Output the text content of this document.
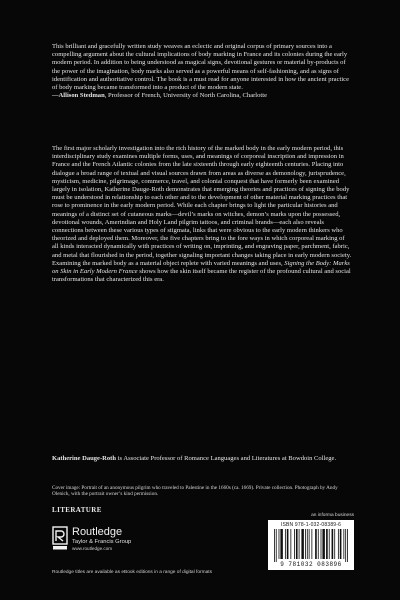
This brilliant and gracefully written study weaves an eclectic and original corpus of primary sources into a compelling argument about the cultural implications of body marking in France and its colonies during the early modern period. In addition to being understood as magical signs, devotional gestures or material by-products of the power of the imagination, body marks also served as a powerful means of self-fashioning, and as signs of identification and authoritative control. The book is a must read for anyone interested in how the ancient practice of body marking became transformed into a product of the modern state.

—Allison Stedman, Professor of French, University of North Carolina, Charlotte

The first major scholarly investigation into the rich history of the marked body in the early modern period, this interdisciplinary study examines multiple forms, uses, and meanings of corporeal inscription and impression in France and the French Atlantic colonies from the late sixteenth through early eighteenth centuries. Placing into dialogue a broad range of textual and visual sources drawn from areas as diverse as demonology, jurisprudence, mysticism, medicine, pilgrimage, commerce, travel, and colonial conquest that have formerly been examined largely in isolation, Katherine Dauge-Roth demonstrates that emerging theories and practices of signing the body must be understood in relationship to each other and to the development of other material marking practices that rose to prominence in the early modern period. While each chapter brings to light the particular histories and meanings of a distinct set of cutaneous marks—devil’s marks on witches, demon’s marks upon the possessed, devotional wounds, Amerindian and Holy Land pilgrim tattoos, and criminal brands—each also reveals connections between these various types of stigmata, links that were obvious to the early modern thinkers who theorized and deployed them. Moreover, the five chapters bring to the fore ways in which corporeal marking of all kinds interacted dynamically with practices of writing on, imprinting, and engraving paper, parchment, fabric, and metal that flourished in the period, together signaling important changes taking place in early modern society. Examining the marked body as a material object replete with varied meanings and uses, Signing the Body: Marks on Skin in Early Modern France shows how the skin itself became the register of the profound cultural and social transformations that characterized this era.

Katherine Dauge-Roth is Associate Professor of Romance Languages and Literatures at Bowdoin College.

Cover image: Portrait of an anonymous pilgrim who traveled to Palestine in the 1660s (ca. 1669). Private collection. Photograph by Andy Olenick, with the portrait owner’s kind permission.
LITERATURE
Routledge
Taylor & Francis Group
www.routledge.com
Routledge titles are available as eBook editions in a range of digital formats
an informa business
ISBN 978-1-032-08389-6
9 781032 083896
